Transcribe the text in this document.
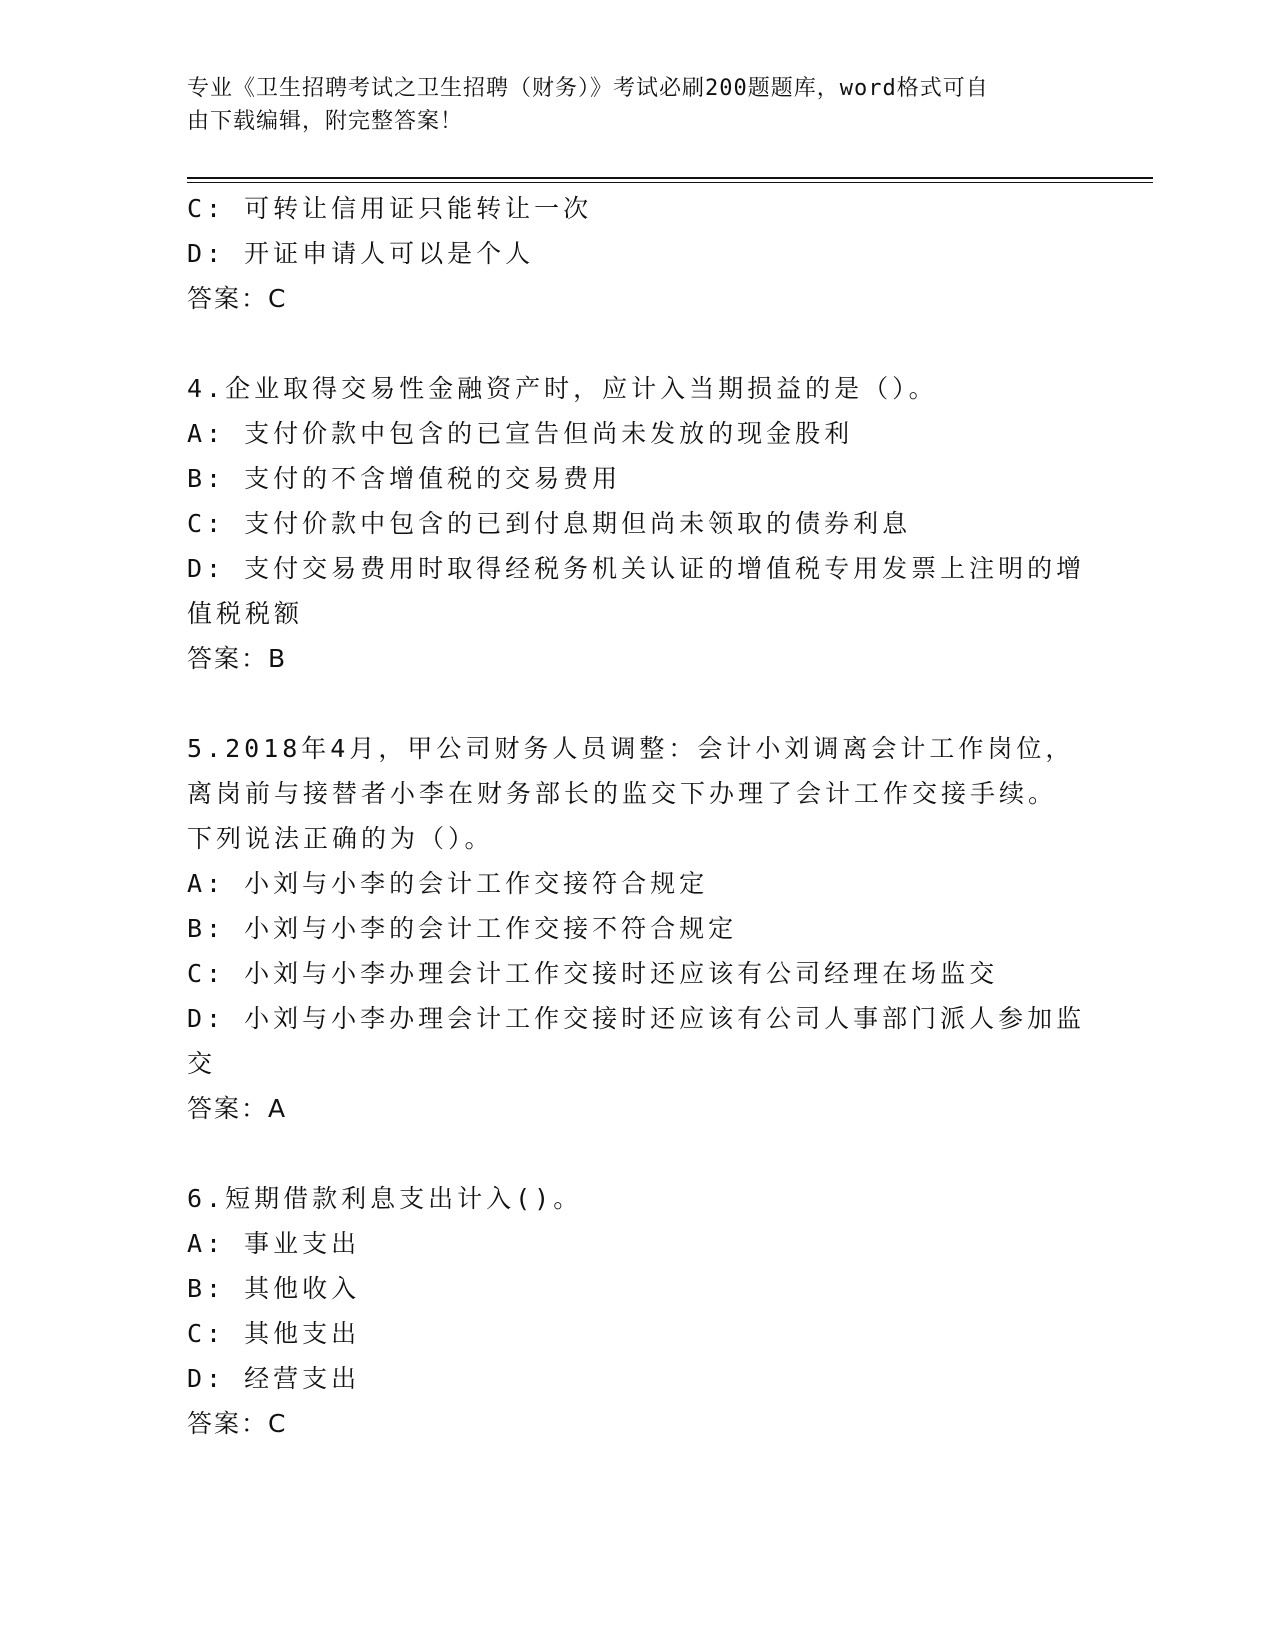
专业《卫生招聘考试之卫生招聘（财务）》考试必刷200题题库，word格式可自
由下载编辑，附完整答案！
C: 可转让信用证只能转让一次
D: 开证申请人可以是个人
答案：C
4.企业取得交易性金融资产时，应计入当期损益的是（）。
A: 支付价款中包含的已宣告但尚未发放的现金股利
B: 支付的不含增值税的交易费用
C: 支付价款中包含的已到付息期但尚未领取的债券利息
D: 支付交易费用时取得经税务机关认证的增值税专用发票上注明的增
值税税额
答案：B
5.2018年4月，甲公司财务人员调整：会计小刘调离会计工作岗位，
离岗前与接替者小李在财务部长的监交下办理了会计工作交接手续。
下列说法正确的为（）。
A: 小刘与小李的会计工作交接符合规定
B: 小刘与小李的会计工作交接不符合规定
C: 小刘与小李办理会计工作交接时还应该有公司经理在场监交
D: 小刘与小李办理会计工作交接时还应该有公司人事部门派人参加监
交
答案：A
6.短期借款利息支出计入()。
A: 事业支出
B: 其他收入
C: 其他支出
D: 经营支出
答案：C
